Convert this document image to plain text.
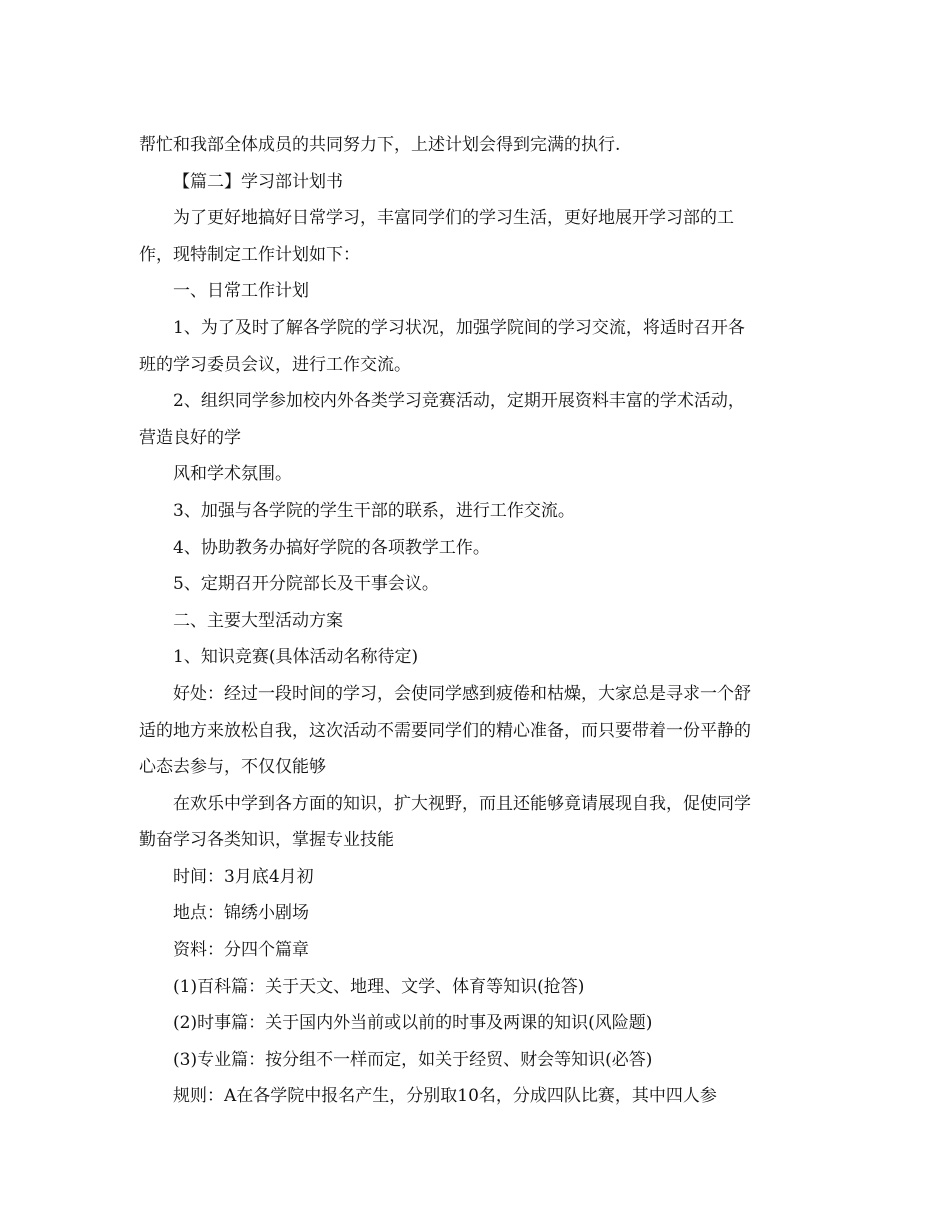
帮忙和我部全体成员的共同努力下，上述计划会得到完满的执行.
【篇二】学习部计划书
为了更好地搞好日常学习，丰富同学们的学习生活，更好地展开学习部的工
作，现特制定工作计划如下：
一、日常工作计划
1、为了及时了解各学院的学习状况，加强学院间的学习交流，将适时召开各
班的学习委员会议，进行工作交流。
2、组织同学参加校内外各类学习竞赛活动，定期开展资料丰富的学术活动，
营造良好的学
风和学术氛围。
3、加强与各学院的学生干部的联系，进行工作交流。
4、协助教务办搞好学院的各项教学工作。
5、定期召开分院部长及干事会议。
二、主要大型活动方案
1、知识竞赛(具体活动名称待定)
好处：经过一段时间的学习，会使同学感到疲倦和枯燥，大家总是寻求一个舒
适的地方来放松自我，这次活动不需要同学们的精心准备，而只要带着一份平静的
心态去参与，不仅仅能够
在欢乐中学到各方面的知识，扩大视野，而且还能够竟请展现自我，促使同学
勤奋学习各类知识，掌握专业技能
时间：3月底4月初
地点：锦绣小剧场
资料：分四个篇章
(1)百科篇：关于天文、地理、文学、体育等知识(抢答)
(2)时事篇：关于国内外当前或以前的时事及两课的知识(风险题)
(3)专业篇：按分组不一样而定，如关于经贸、财会等知识(必答)
规则：A在各学院中报名产生，分别取10名，分成四队比赛，其中四人参
